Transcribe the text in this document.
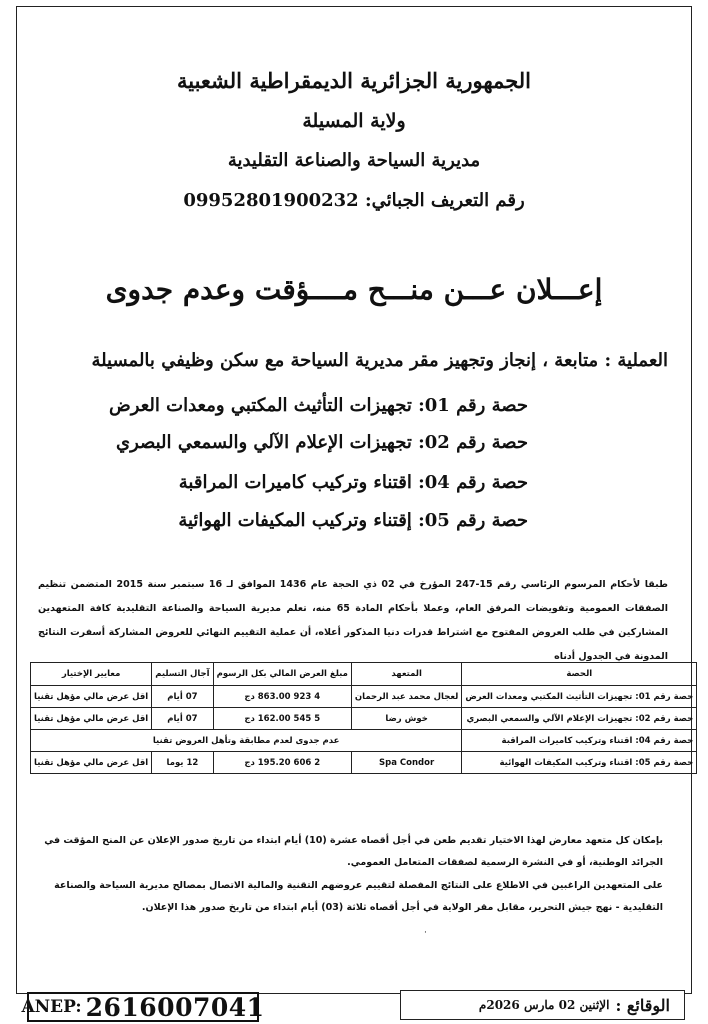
الجمهورية الجزائرية الديمقراطية الشعبية
ولاية المسيلة
مديرية السياحة والصناعة التقليدية
رقم التعريف الجبائي: 09952801900232
إعـــلان عـــن منـــح مــــؤقت وعدم جدوى
العملية : متابعة ، إنجاز وتجهيز مقر مديرية السياحة مع سكن وظيفي بالمسيلة
حصة رقم 01: تجهيزات التأثيث المكتبي ومعدات العرض
حصة رقم 02: تجهيزات الإعلام الآلي والسمعي البصري
حصة رقم 04: اقتناء وتركيب كاميرات المراقبة
حصة رقم 05: إقتناء وتركيب المكيفات الهوائية
طبقا لأحكام المرسوم الرئاسي رقم 15-247 المؤرخ في 02 ذي الحجة عام 1436 الموافق لـ 16 سبتمبر سنة 2015 المتضمن تنظيم الصفقات العمومية وتفويضات المرفق العام، وعملا بأحكام المادة 65 منه، تعلم مديرية السياحة والصناعة التقليدية كافة المتعهدين المشاركين في طلب العروض المفتوح مع اشتراط قدرات دنيا المذكور أعلاه، أن عملية التقييم النهائي للعروض المشاركة أسفرت النتائج المدونة في الجدول أدناه
الحصة	المتعهد	مبلغ العرض المالي بكل الرسوم	آجال التسليم	معايير الإختيار
حصة رقم 01: تجهيزات التأثيث المكتبي ومعدات العرض	لعجال محمد عبد الرحمان	4 923 863.00 دج	07 أيام	اقل عرض مالي مؤهل تقنيا
حصة رقم 02: تجهيزات الإعلام الآلي والسمعي البصري	خوش رضا	5 545 162.00 دج	07 أيام	اقل عرض مالي مؤهل تقنيا
حصة رقم 04: اقتناء وتركيب كاميرات المراقبة	عدم جدوى لعدم مطابقة وتأهل العروض تقنيا			
حصة رقم 05: اقتناء وتركيب المكيفات الهوائية	Spa Condor	2 606 195.20 دج	12 يوما	اقل عرض مالي مؤهل تقنيا
بإمكان كل متعهد معارض لهذا الاختيار تقديم طعن في أجل أقصاه عشرة (10) أيام ابتداء من تاريخ صدور الإعلان عن المنح المؤقت في الجرائد الوطنية، أو في النشرة الرسمية لصفقات المتعامل العمومي.
على المتعهدين الراغبين في الاطلاع على النتائج المفصلة لتقييم عروضهم التقنية والمالية الاتصال بمصالح مديرية السياحة والصناعة التقليدية - نهج جيش التحرير، مقابل مقر الولاية في أجل أقصاه ثلاثة (03) أيام ابتداء من تاريخ صدور هذا الإعلان.
·
ANEP: 2616007041	الوقائع :
الإثنين 02 مارس 2026م
